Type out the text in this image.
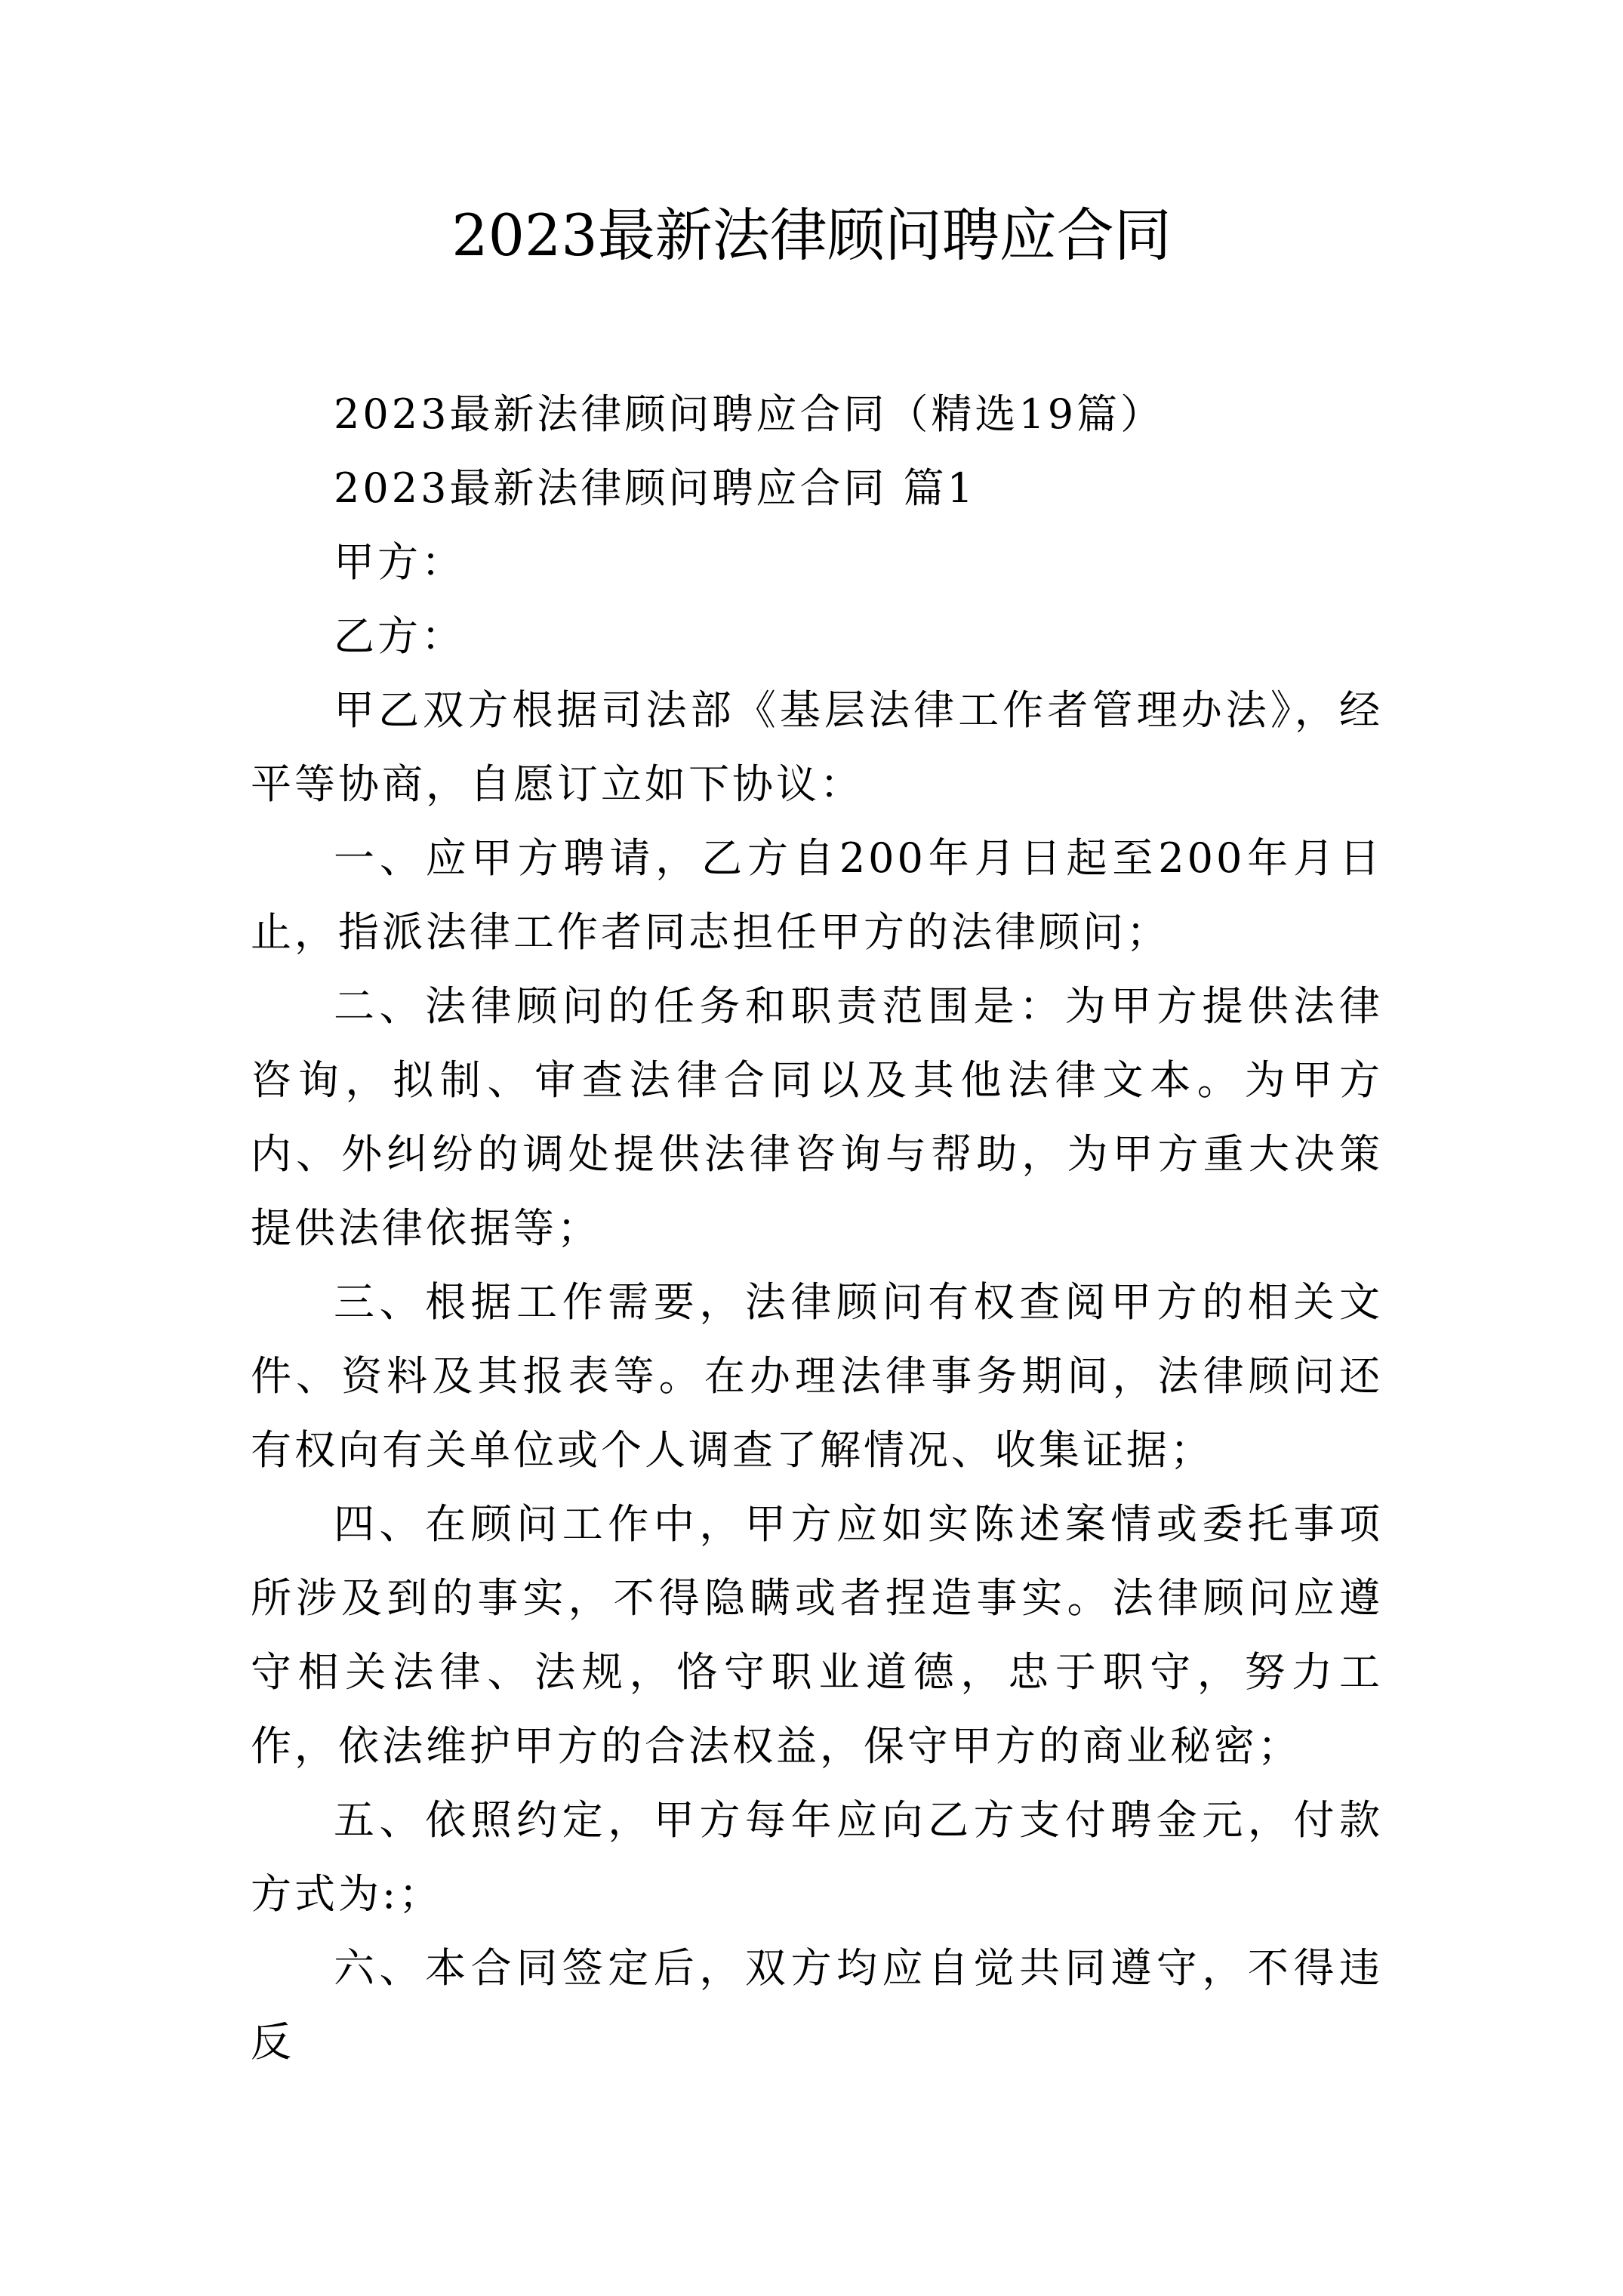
2023最新法律顾问聘应合同

2023最新法律顾问聘应合同（精选19篇）

2023最新法律顾问聘应合同 篇1

甲方：

乙方：

甲乙双方根据司法部《基层法律工作者管理办法》，经平等协商，自愿订立如下协议：

一、应甲方聘请，乙方自200年月日起至200年月日止，指派法律工作者同志担任甲方的法律顾问；

二、法律顾问的任务和职责范围是：为甲方提供法律咨询，拟制、审查法律合同以及其他法律文本。为甲方内、外纠纷的调处提供法律咨询与帮助，为甲方重大决策提供法律依据等；

三、根据工作需要，法律顾问有权查阅甲方的相关文件、资料及其报表等。在办理法律事务期间，法律顾问还有权向有关单位或个人调查了解情况、收集证据；

四、在顾问工作中，甲方应如实陈述案情或委托事项所涉及到的事实，不得隐瞒或者捏造事实。法律顾问应遵守相关法律、法规，恪守职业道德，忠于职守，努力工作，依法维护甲方的合法权益，保守甲方的商业秘密；

五、依照约定，甲方每年应向乙方支付聘金元，付款方式为:；

六、本合同签定后，双方均应自觉共同遵守，不得违反
